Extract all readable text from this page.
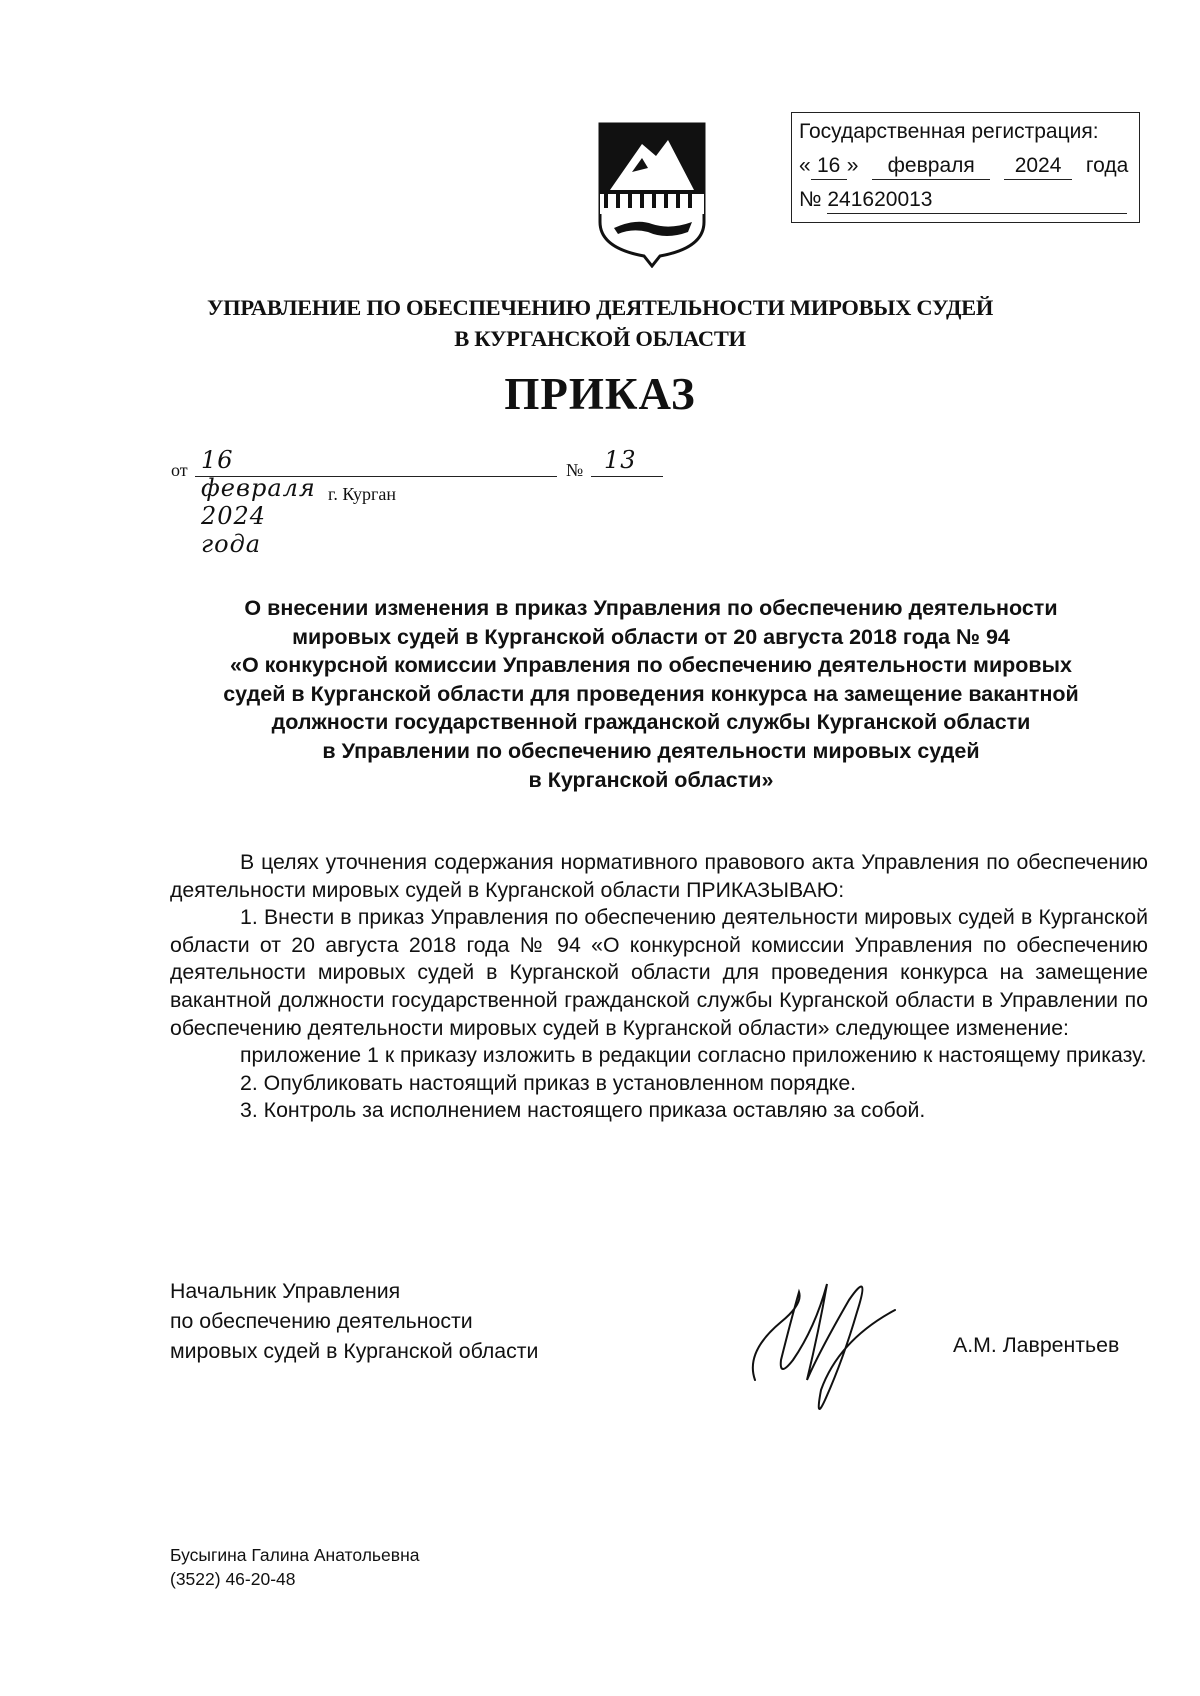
Государственная регистрация:
« 16 » февраля 2024 года
№ 241620013
УПРАВЛЕНИЕ ПО ОБЕСПЕЧЕНИЮ ДЕЯТЕЛЬНОСТИ МИРОВЫХ СУДЕЙ
В КУРГАНСКОЙ ОБЛАСТИ
ПРИКАЗ
от 16 февраля 2024 года
№ 13
г. Курган
О внесении изменения в приказ Управления по обеспечению деятельности
мировых судей в Курганской области от 20 августа 2018 года № 94
«О конкурсной комиссии Управления по обеспечению деятельности мировых
судей в Курганской области для проведения конкурса на замещение вакантной
должности государственной гражданской службы Курганской области
в Управлении по обеспечению деятельности мировых судей
в Курганской области»

В целях уточнения содержания нормативного правового акта Управления по обеспечению деятельности мировых судей в Курганской области ПРИКАЗЫВАЮ:

1. Внести в приказ Управления по обеспечению деятельности мировых судей в Курганской области от 20 августа 2018 года № 94 «О конкурсной комиссии Управления по обеспечению деятельности мировых судей в Курганской области для проведения конкурса на замещение вакантной должности государственной гражданской службы Курганской области в Управлении по обеспечению деятельности мировых судей в Курганской области» следующее изменение:

приложение 1 к приказу изложить в редакции согласно приложению к настоящему приказу.

2. Опубликовать настоящий приказ в установленном порядке.

3. Контроль за исполнением настоящего приказа оставляю за собой.

Начальник Управления
по обеспечению деятельности
мировых судей в Курганской области	А.М. Лаврентьев
Бусыгина Галина Анатольевна
(3522) 46-20-48
